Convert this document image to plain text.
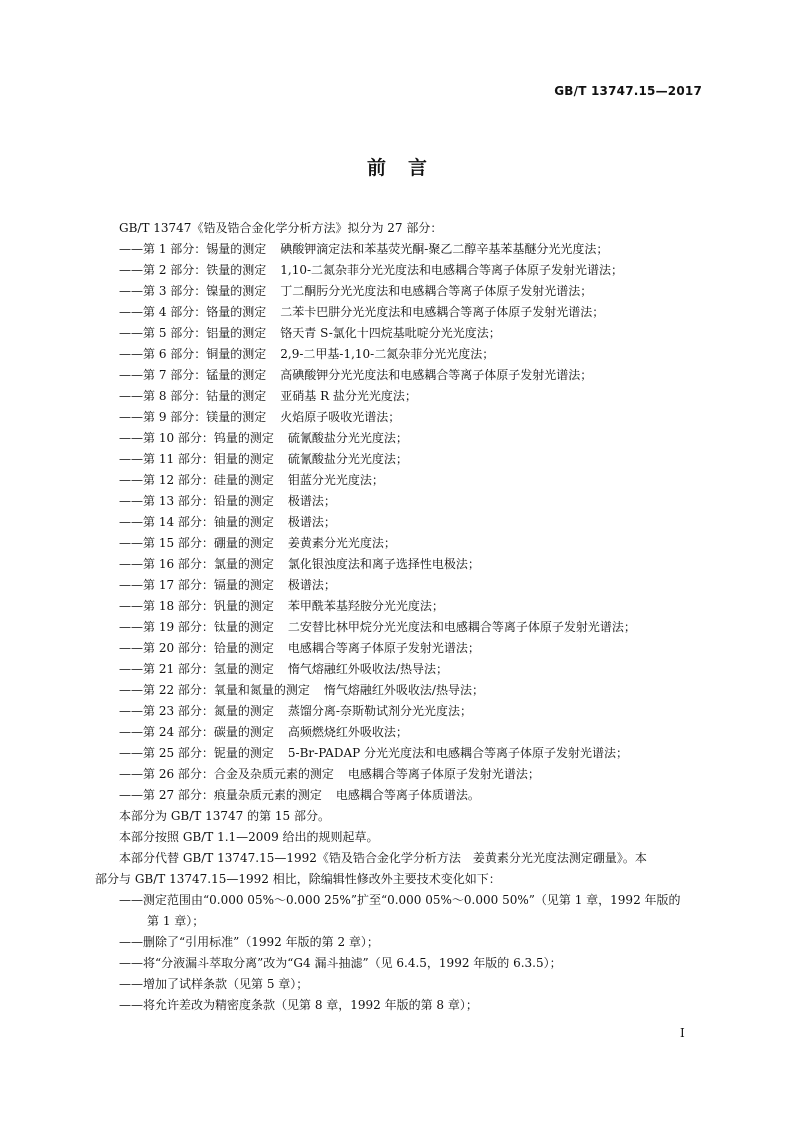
GB/T 13747.15—2017
前言
GB/T 13747《锆及锆合金化学分析方法》拟分为 27 部分：
——第 1 部分：锡量的测定 碘酸钾滴定法和苯基荧光酮-聚乙二醇辛基苯基醚分光光度法；
——第 2 部分：铁量的测定 1,10-二氮杂菲分光光度法和电感耦合等离子体原子发射光谱法；
——第 3 部分：镍量的测定 丁二酮肟分光光度法和电感耦合等离子体原子发射光谱法；
——第 4 部分：铬量的测定 二苯卡巴肼分光光度法和电感耦合等离子体原子发射光谱法；
——第 5 部分：铝量的测定 铬天青 S-氯化十四烷基吡啶分光光度法；
——第 6 部分：铜量的测定 2,9-二甲基-1,10-二氮杂菲分光光度法；
——第 7 部分：锰量的测定 高碘酸钾分光光度法和电感耦合等离子体原子发射光谱法；
——第 8 部分：钴量的测定 亚硝基 R 盐分光光度法；
——第 9 部分：镁量的测定 火焰原子吸收光谱法；
——第 10 部分：钨量的测定 硫氰酸盐分光光度法；
——第 11 部分：钼量的测定 硫氰酸盐分光光度法；
——第 12 部分：硅量的测定 钼蓝分光光度法；
——第 13 部分：铅量的测定 极谱法；
——第 14 部分：铀量的测定 极谱法；
——第 15 部分：硼量的测定 姜黄素分光光度法；
——第 16 部分：氯量的测定 氯化银浊度法和离子选择性电极法；
——第 17 部分：镉量的测定 极谱法；
——第 18 部分：钒量的测定 苯甲酰苯基羟胺分光光度法；
——第 19 部分：钛量的测定 二安替比林甲烷分光光度法和电感耦合等离子体原子发射光谱法；
——第 20 部分：铪量的测定 电感耦合等离子体原子发射光谱法；
——第 21 部分：氢量的测定 惰气熔融红外吸收法/热导法；
——第 22 部分：氧量和氮量的测定 惰气熔融红外吸收法/热导法；
——第 23 部分：氮量的测定 蒸馏分离-奈斯勒试剂分光光度法；
——第 24 部分：碳量的测定 高频燃烧红外吸收法；
——第 25 部分：铌量的测定 5-Br-PADAP 分光光度法和电感耦合等离子体原子发射光谱法；
——第 26 部分：合金及杂质元素的测定 电感耦合等离子体原子发射光谱法；
——第 27 部分：痕量杂质元素的测定 电感耦合等离子体质谱法。
本部分为 GB/T 13747 的第 15 部分。
本部分按照 GB/T 1.1—2009 给出的规则起草。
本部分代替 GB/T 13747.15—1992《锆及锆合金化学分析方法　姜黄素分光光度法测定硼量》。本
部分与 GB/T 13747.15—1992 相比，除编辑性修改外主要技术变化如下：
——测定范围由“0.000 05%～0.000 25%”扩至“0.000 05%～0.000 50%”（见第 1 章，1992 年版的
第 1 章）；
——删除了“引用标准”（1992 年版的第 2 章）；
——将“分液漏斗萃取分离”改为“G4 漏斗抽滤”（见 6.4.5，1992 年版的 6.3.5）；
——增加了试样条款（见第 5 章）；
——将允许差改为精密度条款（见第 8 章，1992 年版的第 8 章）；
I
